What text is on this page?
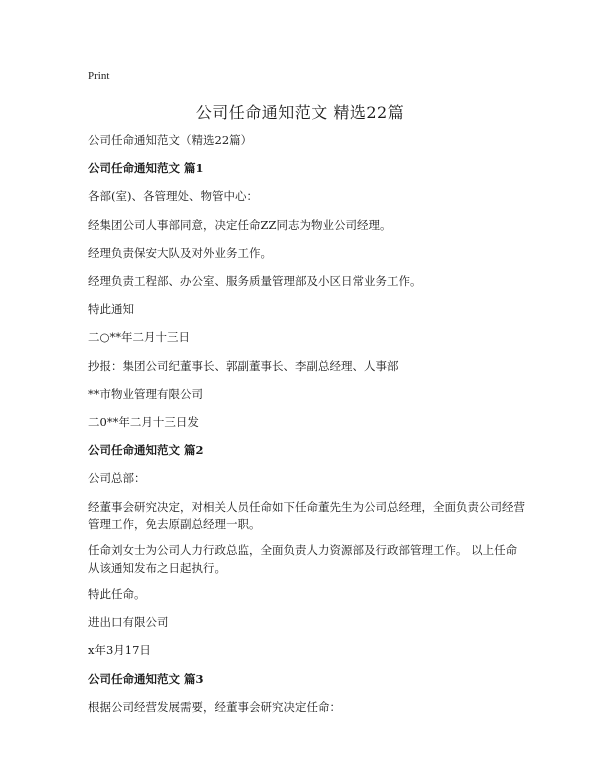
Print
公司任命通知范文 精选22篇

公司任命通知范文（精选22篇）

公司任命通知范文 篇1

各部(室)、各管理处、物管中心：

经集团公司人事部同意，决定任命ZZ同志为物业公司经理。

经理负责保安大队及对外业务工作。

经理负责工程部、办公室、服务质量管理部及小区日常业务工作。

特此通知

二○**年二月十三日

抄报：集团公司纪董事长、郭副董事长、李副总经理、人事部

**市物业管理有限公司

二0**年二月十三日发

公司任命通知范文 篇2

公司总部：

经董事会研究决定，对相关人员任命如下任命董先生为公司总经理，全面负责公司经营管理工作，免去原副总经理一职。

任命刘女士为公司人力行政总监，全面负责人力资源部及行政部管理工作。 以上任命从该通知发布之日起执行。

特此任命。

进出口有限公司

x年3月17日

公司任命通知范文 篇3

根据公司经营发展需要，经董事会研究决定任命：
